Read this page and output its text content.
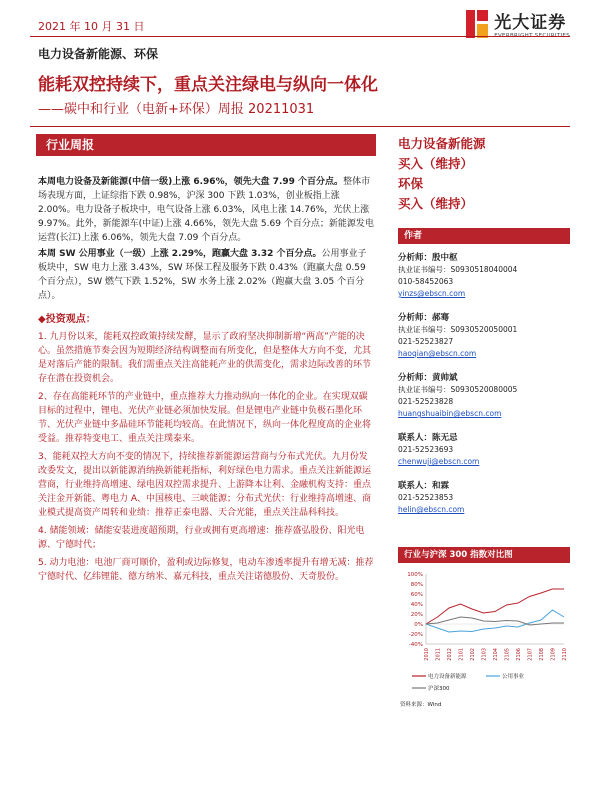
2021 年 10 月 31 日	光大证券
电力设备新能源、环保
能耗双控持续下，重点关注绿电与纵向一体化
——碳中和行业（电新+环保）周报 20211031
行业周报

本周电力设备及新能源(中信一级)上涨 6.96%，领先大盘 7.99 个百分点。整体市场表现方面，上证综指下跌 0.98%，沪深 300 下跌 1.03%，创业板指上涨 2.00%。电力设备子板块中，电气设备上涨 6.03%，风电上涨 14.76%，光伏上涨 9.97%。此外，新能源车(中证)上涨 4.66%，领先大盘 5.69 个百分点；新能源发电运营(长江)上涨 6.06%，领先大盘 7.09 个百分点。

本周 SW 公用事业（一级）上涨 2.29%，跑赢大盘 3.32 个百分点。公用事业子板块中，SW 电力上涨 3.43%，SW 环保工程及服务下跌 0.43%（跑赢大盘 0.59 个百分点），SW 燃气下跌 1.52%，SW 水务上涨 2.02%（跑赢大盘 3.05 个百分点）。

◆投资观点：
1. 九月份以来，能耗双控政策持续发酵，显示了政府坚决抑制新增“两高”产能的决心。虽然措施节奏会因为短期经济结构调整而有所变化，但是整体大方向不变，尤其是对落后产能的限制。我们需重点关注高能耗产业的供需变化，需求边际改善的环节存在潜在投资机会。
2、存在高能耗环节的产业链中，重点推荐大力推动纵向一体化的企业。在实现双碳目标的过程中，锂电、光伏产业链必须加快发展。但是锂电产业链中负极石墨化环节、光伏产业链中多晶硅环节能耗均较高。在此情况下，纵向一体化程度高的企业将受益。推荐特变电工、重点关注璞泰来。
3、能耗双控大方向不变的情况下，持续推荐新能源运营商与分布式光伏。九月份发改委发文，提出以新能源消纳换新能耗指标，利好绿色电力需求。重点关注新能源运营商，行业维持高增速、绿电因双控需求提升、上游降本让利、金融机构支持：重点关注金开新能、粤电力 A、中国核电、三峡能源；分布式光伏：行业维持高增速、商业模式提高资产周转和业绩：推荐正泰电器、天合光能，重点关注晶科科技。
4. 储能领域：储能安装进度超预期，行业或拥有更高增速：推荐盛弘股份、阳光电源、宁德时代；
5. 动力电池：电池厂商可顺价，盈利或边际修复，电动车渗透率提升有增无减：推荐宁德时代、亿纬锂能、德方纳米、嘉元科技，重点关注诺德股份、天奇股份。
电力设备新能源
买入（维持）
环保
买入（维持）
作者
分析师：殷中枢
执业证书编号：S0930518040004
010-58452063
yinzs@ebscn.com
分析师：郝骞
执业证书编号：S0930520050001
021-52523827
haoqian@ebscn.com
分析师：黄帅斌
执业证书编号：S0930520080005
021-52523828
huangshuaibin@ebscn.com
联系人：陈无忌
021-52523693
chenwuji@ebscn.com
联系人：和霖
021-52523853
helin@ebscn.com
行业与沪深 300 指数对比图
100%
80%
60%
40%
20%
0%
-20%
-40%
2010 2011 2012 2101 2102 2103 2104 2105 2106 2107 2108 2109 2110
电力设备新能源	公用事业
沪深300
资料来源：Wind
